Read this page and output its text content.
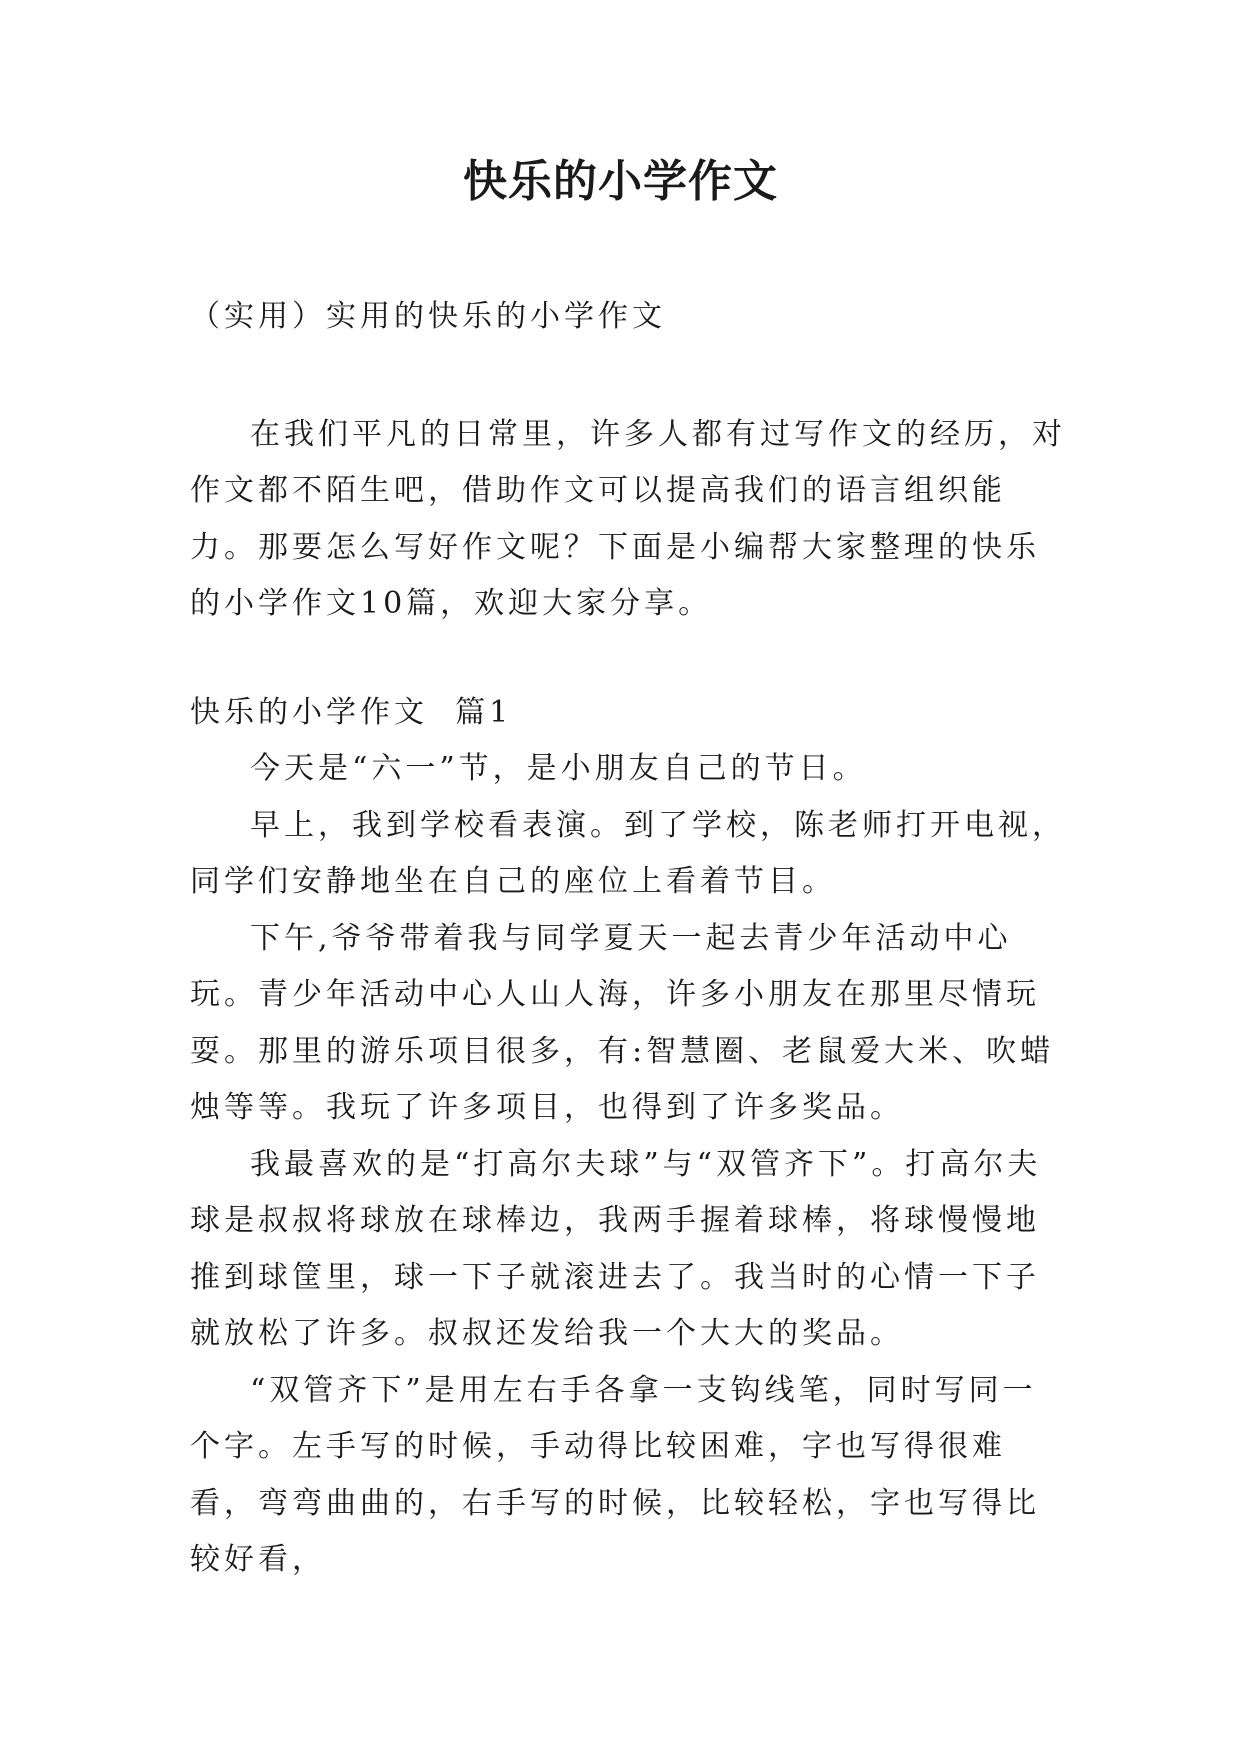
快乐的小学作文

（实用）实用的快乐的小学作文

在我们平凡的日常里，许多人都有过写作文的经历，对作文都不陌生吧，借助作文可以提高我们的语言组织能力。那要怎么写好作文呢？下面是小编帮大家整理的快乐的小学作文10篇，欢迎大家分享。

快乐的小学作文  篇1

今天是“六一”节，是小朋友自己的节日。

早上，我到学校看表演。到了学校，陈老师打开电视，同学们安静地坐在自己的座位上看着节目。

下午,爷爷带着我与同学夏天一起去青少年活动中心玩。青少年活动中心人山人海，许多小朋友在那里尽情玩耍。那里的游乐项目很多，有:智慧圈、老鼠爱大米、吹蜡烛等等。我玩了许多项目，也得到了许多奖品。

我最喜欢的是“打高尔夫球”与“双管齐下”。打高尔夫球是叔叔将球放在球棒边，我两手握着球棒，将球慢慢地推到球筐里，球一下子就滚进去了。我当时的心情一下子就放松了许多。叔叔还发给我一个大大的奖品。

“双管齐下”是用左右手各拿一支钩线笔，同时写同一个字。左手写的时候，手动得比较困难，字也写得很难看，弯弯曲曲的，右手写的时候，比较轻松，字也写得比较好看，
